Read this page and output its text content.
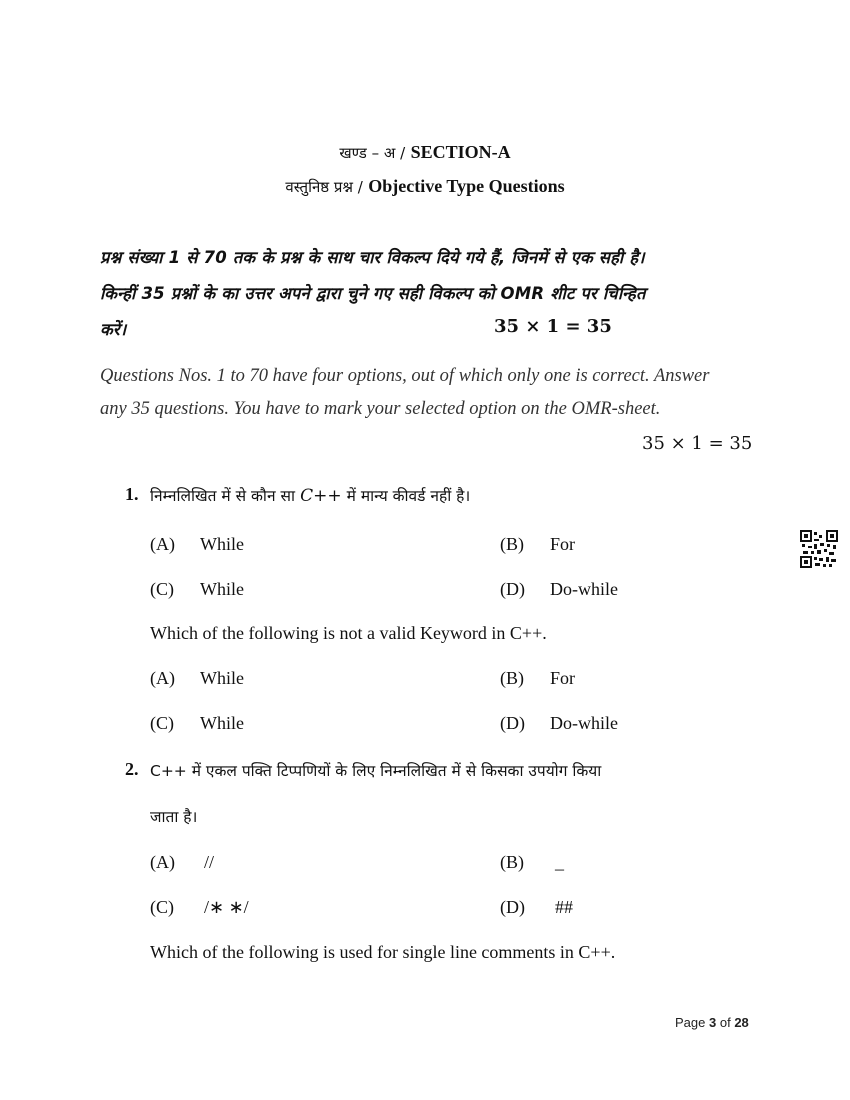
खण्ड – अ / SECTION-A
वस्तुनिष्ठ प्रश्न / Objective Type Questions
प्रश्न संख्या 1 से 70 तक के प्रश्न के साथ चार विकल्प दिये गये हैं, जिनमें से एक सही है।
किन्हीं 35 प्रश्नों के का उत्तर अपने द्वारा चुने गए सही विकल्प को OMR शीट पर चिन्हित
करें।	35 × 1 = 35
Questions Nos. 1 to 70 have four options, out of which only one is correct. Answer
any 35 questions. You have to mark your selected option on the OMR-sheet.
35 × 1 = 35
1. निम्नलिखित में से कौन सा C++ में मान्य कीवर्ड नहीं है।
(A) While	(B) For
(C) While	(D) Do-while
Which of the following is not a valid Keyword in C++.
(A) While	(B) For
(C) While	(D) Do-while
2. C++ में एकल पक्ति टिप्पणियों के लिए निम्नलिखित में से किसका उपयोग किया
जाता है।
(A) //	(B) _
(C) /∗ ∗/	(D) ##
Which of the following is used for single line comments in C++.
Page 3 of 28
